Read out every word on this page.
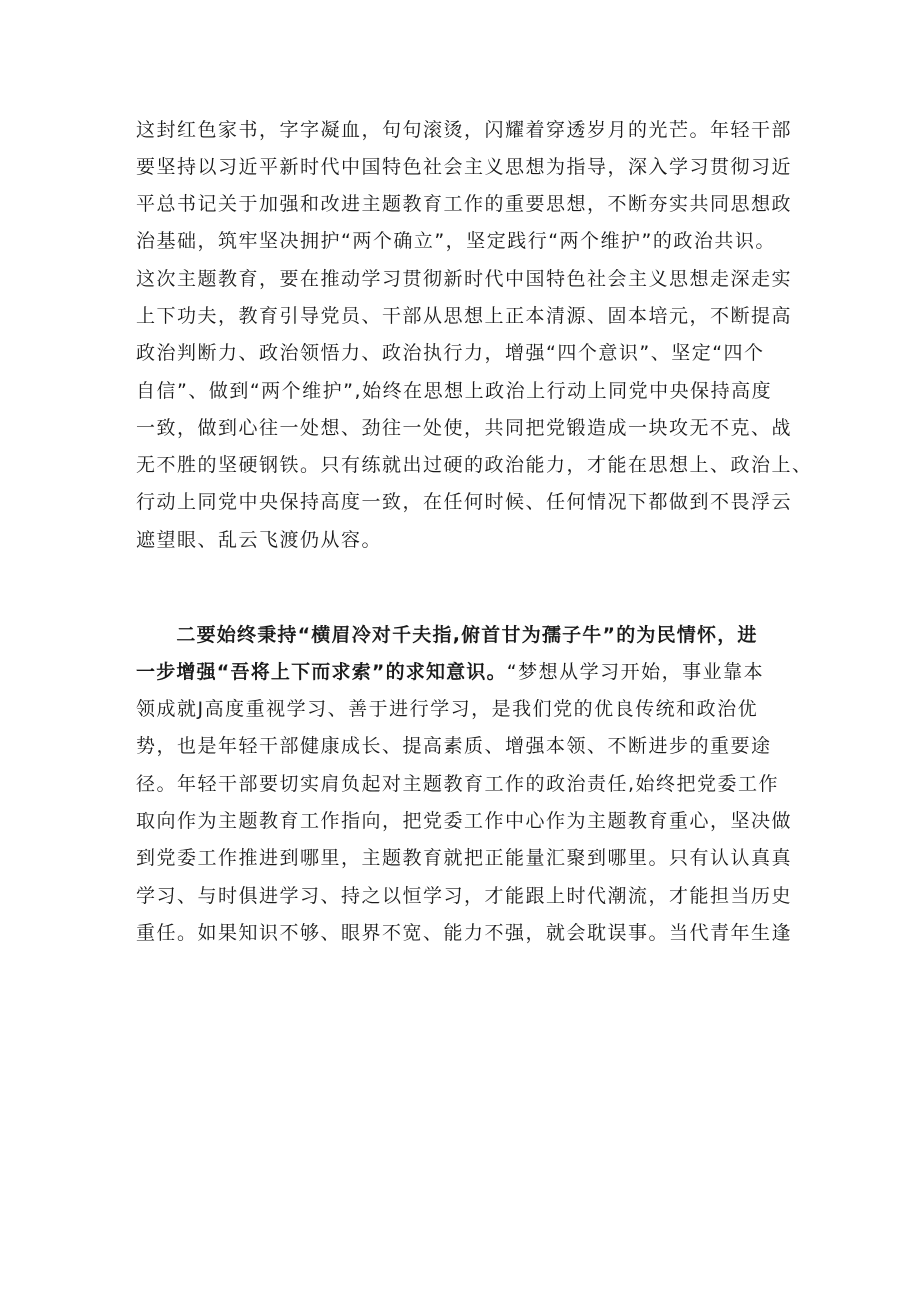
这封红色家书，字字凝血，句句滚烫，闪耀着穿透岁月的光芒。年轻干部

要坚持以习近平新时代中国特色社会主义思想为指导，深入学习贯彻习近

平总书记关于加强和改进主题教育工作的重要思想，不断夯实共同思想政

治基础，筑牢坚决拥护“两个确立”，坚定践行“两个维护”的政治共识。

这次主题教育，要在推动学习贯彻新时代中国特色社会主义思想走深走实

上下功夫，教育引导党员、干部从思想上正本清源、固本培元，不断提高

政治判断力、政治领悟力、政治执行力，增强“四个意识”、坚定“四个

自信”、做到“两个维护”,始终在思想上政治上行动上同党中央保持高度

一致，做到心往一处想、劲往一处使，共同把党锻造成一块攻无不克、战

无不胜的坚硬钢铁。只有练就出过硬的政治能力，才能在思想上、政治上、

行动上同党中央保持高度一致，在任何时候、任何情况下都做到不畏浮云

遮望眼、乱云飞渡仍从容。

　　二要始终秉持“横眉冷对千夫指,俯首甘为孺子牛”的为民情怀，进

一步增强“吾将上下而求索”的求知意识。“梦想从学习开始，事业靠本

领成就J高度重视学习、善于进行学习，是我们党的优良传统和政治优

势，也是年轻干部健康成长、提高素质、增强本领、不断进步的重要途

径。年轻干部要切实肩负起对主题教育工作的政治责任,始终把党委工作

取向作为主题教育工作指向，把党委工作中心作为主题教育重心，坚决做

到党委工作推进到哪里，主题教育就把正能量汇聚到哪里。只有认认真真

学习、与时俱进学习、持之以恒学习，才能跟上时代潮流，才能担当历史

重任。如果知识不够、眼界不宽、能力不强，就会耽误事。当代青年生逢
